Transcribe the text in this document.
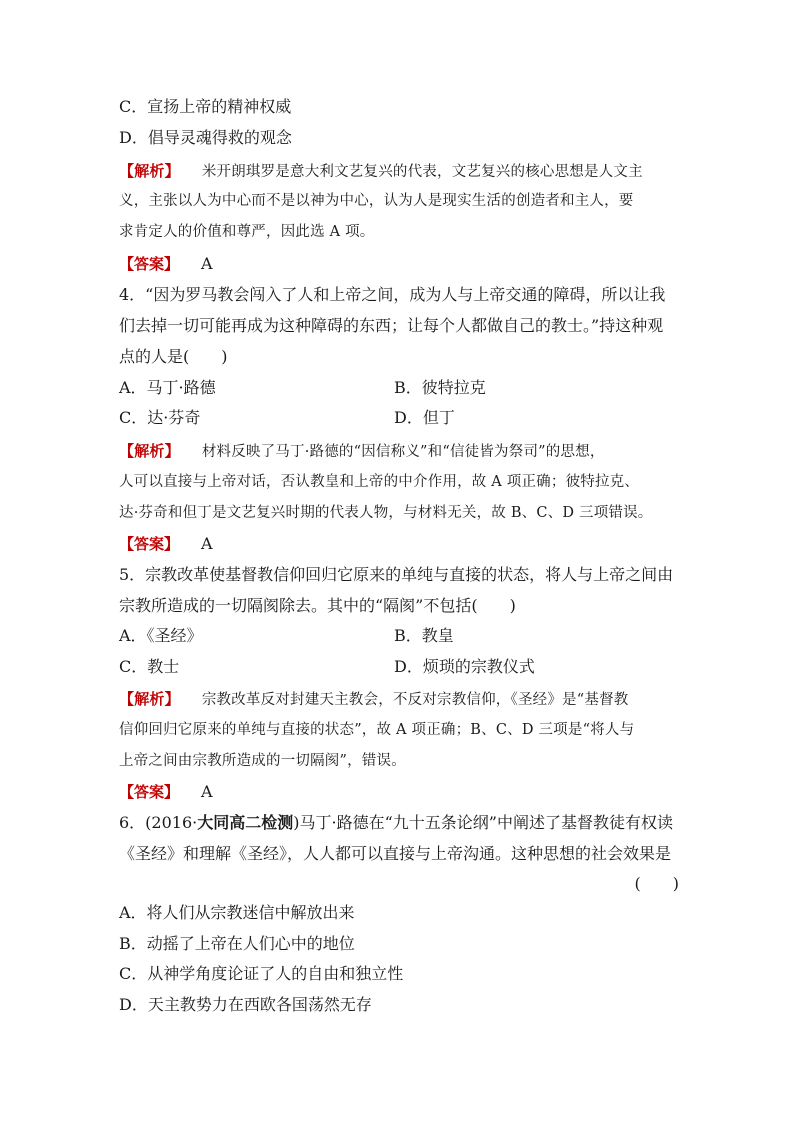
C．宣扬上帝的精神权威
D．倡导灵魂得救的观念
【解析】 米开朗琪罗是意大利文艺复兴的代表，文艺复兴的核心思想是人文主
义，主张以人为中心而不是以神为中心，认为人是现实生活的创造者和主人，要
求肯定人的价值和尊严，因此选 A 项。
【答案】 A
4．“因为罗马教会闯入了人和上帝之间，成为人与上帝交通的障碍，所以让我
们去掉一切可能再成为这种障碍的东西；让每个人都做自己的教士。”持这种观
点的人是(　　)
A．马丁·路德	B．彼特拉克
C．达·芬奇	D．但丁
【解析】 材料反映了马丁·路德的“因信称义”和“信徒皆为祭司”的思想，
人可以直接与上帝对话，否认教皇和上帝的中介作用，故 A 项正确；彼特拉克、
达·芬奇和但丁是文艺复兴时期的代表人物，与材料无关，故 B、C、D 三项错误。
【答案】 A
5．宗教改革使基督教信仰回归它原来的单纯与直接的状态，将人与上帝之间由
宗教所造成的一切隔阂除去。其中的“隔阂”不包括(　　)
A．《圣经》	B．教皇
C．教士	D．烦琐的宗教仪式
【解析】 宗教改革反对封建天主教会，不反对宗教信仰，《圣经》是“基督教
信仰回归它原来的单纯与直接的状态”，故 A 项正确；B、C、D 三项是“将人与
上帝之间由宗教所造成的一切隔阂”，错误。
【答案】 A
6．(2016·大同高二检测)马丁·路德在“九十五条论纲”中阐述了基督教徒有权读
《圣经》和理解《圣经》，人人都可以直接与上帝沟通。这种思想的社会效果是
(　　)
A．将人们从宗教迷信中解放出来
B．动摇了上帝在人们心中的地位
C．从神学角度论证了人的自由和独立性
D．天主教势力在西欧各国荡然无存
